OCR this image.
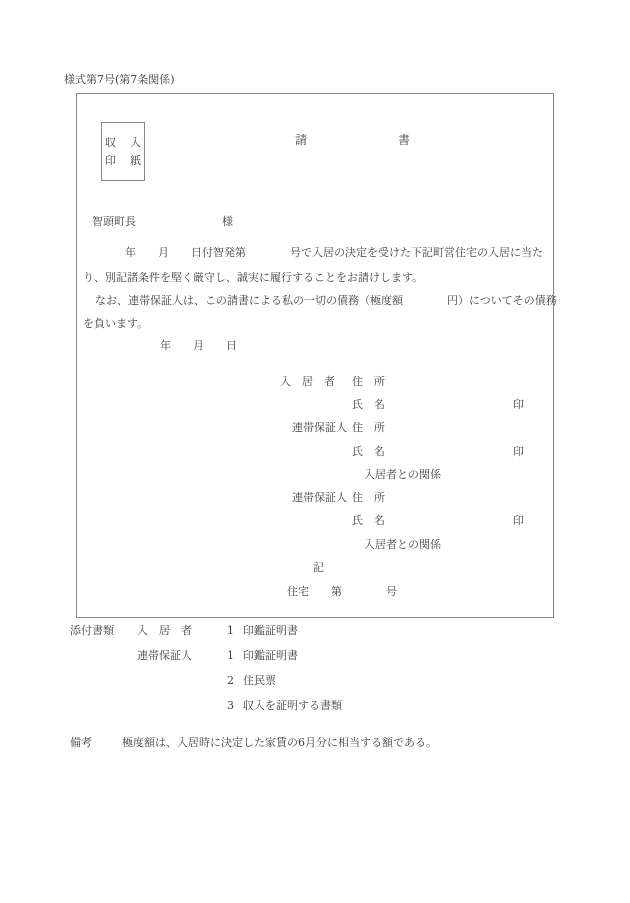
様式第7号(第7条関係)
収 入
印 紙
請	書
智頭町長	様
年　　月　　日付智発第　　　　号で入居の決定を受けた下記町営住宅の入居に当た
り、別記諸条件を堅く厳守し、誠実に履行することをお請けします。
なお、連帯保証人は、この請書による私の一切の債務（極度額　　　　円）についてその債務
を負います。
年　　月　　日
入　居　者 住　所
氏　名	印
連帯保証人 住　所
氏　名	印
入居者との関係
連帯保証人 住　所
氏　名	印
入居者との関係
記
住宅　　第　　　　号
添付書類 入　居　者	1 印鑑証明書
連帯保証人	1 印鑑証明書
2 住民票
3 収入を証明する書類
備考	極度額は、入居時に決定した家賃の6月分に相当する額である。
